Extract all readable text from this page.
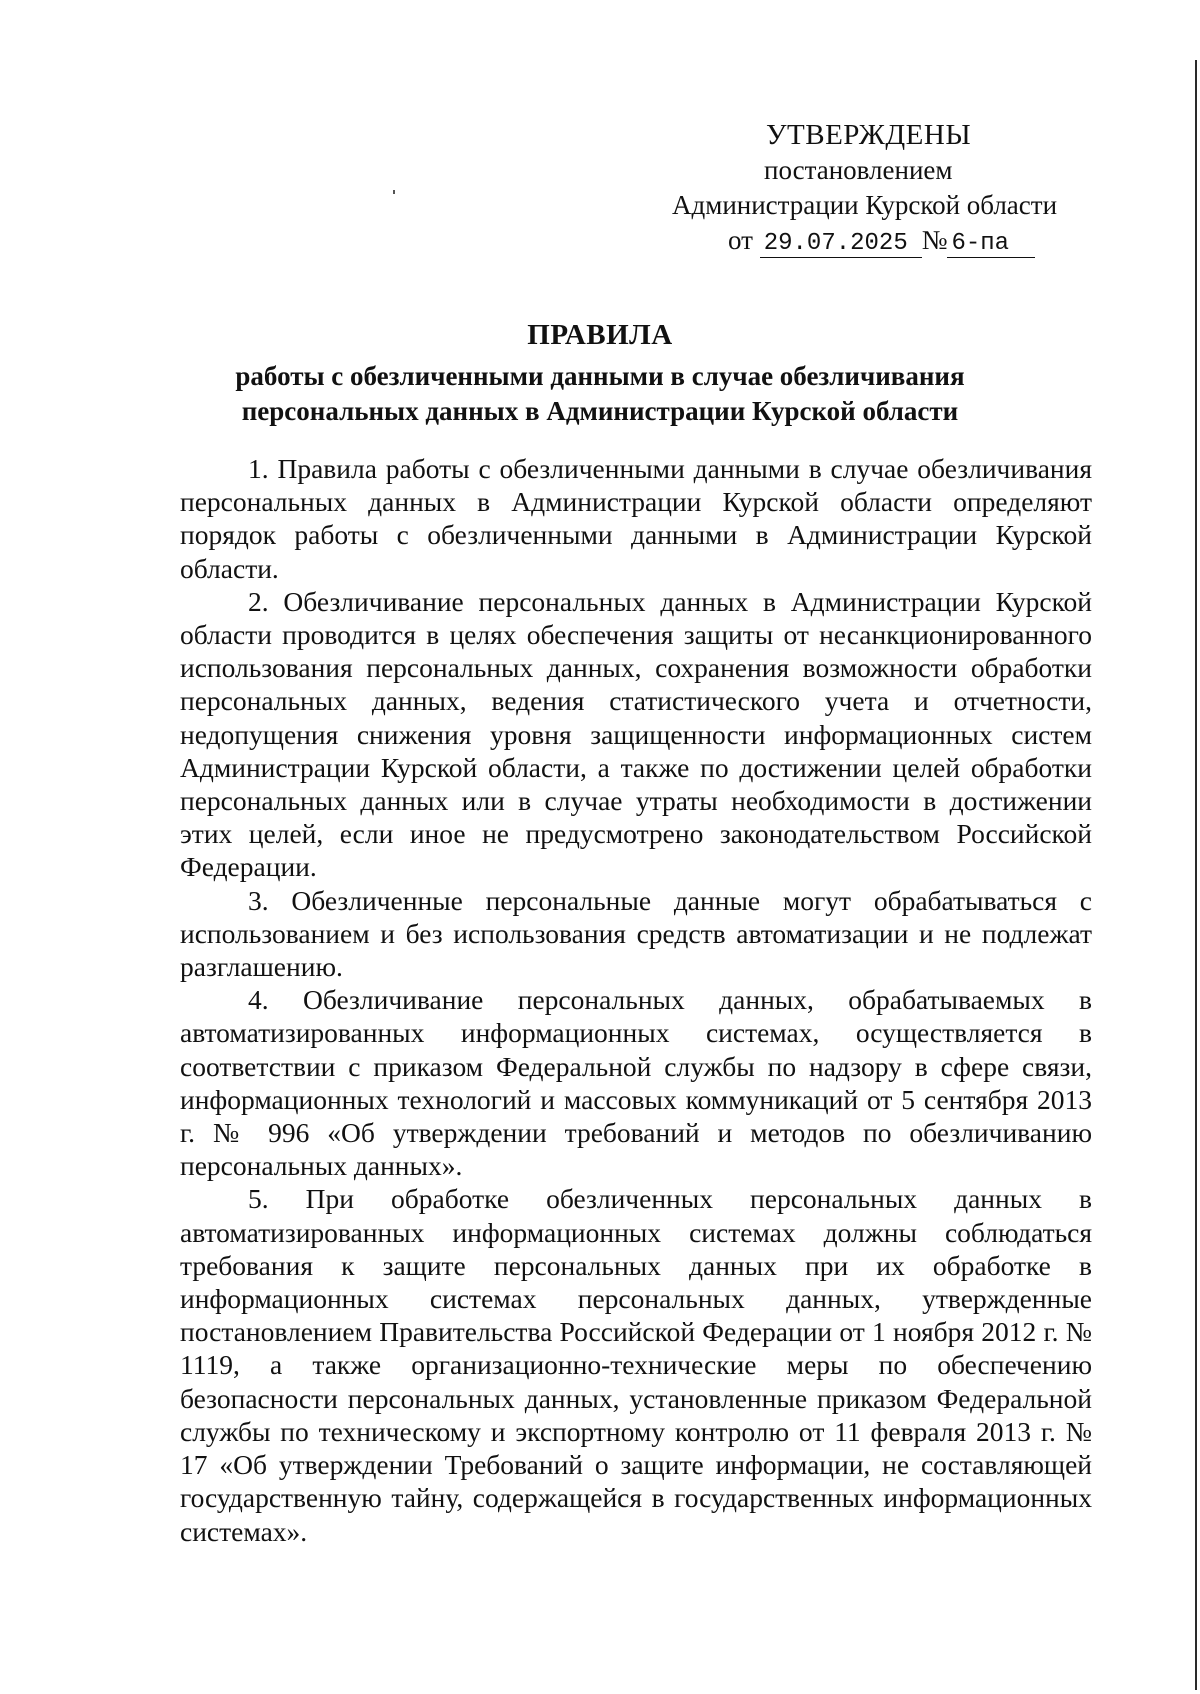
УТВЕРЖДЕНЫ
постановлением
Администрации Курской области
от 29.07.2025 № 6-па
ПРАВИЛА
работы с обезличенными данными в случае обезличивания
персональных данных в Администрации Курской области

1. Правила работы с обезличенными данными в случае обезличивания персональных данных в Администрации Курской области определяют порядок работы с обезличенными данными в Администрации Курской области.

2. Обезличивание персональных данных в Администрации Курской области проводится в целях обеспечения защиты от несанкционированного использования персональных данных, сохранения возможности обработки персональных данных, ведения статистического учета и отчетности, недопущения снижения уровня защищенности информационных систем Администрации Курской области, а также по достижении целей обработки персональных данных или в случае утраты необходимости в достижении этих целей, если иное не предусмотрено законодательством Российской Федерации.

3. Обезличенные персональные данные могут обрабатываться с использованием и без использования средств автоматизации и не подлежат разглашению.

4. Обезличивание персональных данных, обрабатываемых в автоматизированных информационных системах, осуществляется в соответствии с приказом Федеральной службы по надзору в сфере связи, информационных технологий и массовых коммуникаций от 5 сентября 2013 г. № 996 «Об утверждении требований и методов по обезличиванию персональных данных».

5. При обработке обезличенных персональных данных в автоматизированных информационных системах должны соблюдаться требования к защите персональных данных при их обработке в информационных системах персональных данных, утвержденные постановлением Правительства Российской Федерации от 1 ноября 2012 г. № 1119, а также организационно-технические меры по обеспечению безопасности персональных данных, установленные приказом Федеральной службы по техническому и экспортному контролю от 11 февраля 2013 г. № 17 «Об утверждении Требований о защите информации, не составляющей государственную тайну, содержащейся в государственных информационных системах».
